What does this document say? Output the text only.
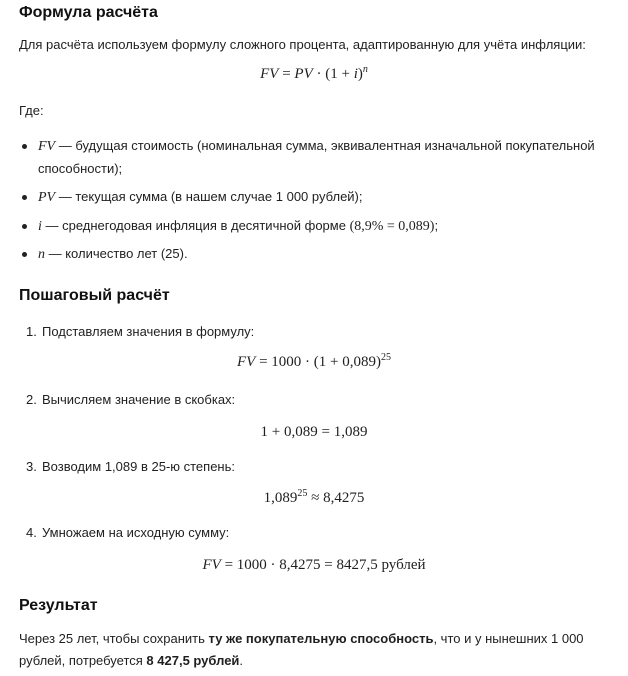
Формула расчёта

Для расчёта используем формулу сложного процента, адаптированную для учёта инфляции:

FV = PV · $(1 + i)^n$

Где:

FV — будущая стоимость (номинальная сумма, эквивалентная изначальной покупательной
способности);

PV — текущая сумма (в нашем случае 1 000 рублей);

i — среднегодовая инфляция в десятичной форме (8,9% = 0,089);

n — количество лет (25).

Пошаговый расчёт

1. Подставляем значения в формулу:

FV = $1000 \cdot (1 + 0,089)^{25}$

2. Вычисляем значение в скобках:

1 + 0,089 = 1,089

3. Возводим 1,089 в 25-ю степень:

$1,089^{25} \approx 8,4275$

4. Умножаем на исходную сумму:

FV = 1000 · 8,4275 = 8427,5 рублей

Результат

Через 25 лет, чтобы сохранить ту же покупательную способность, что и у нынешних 1 000
рублей, потребуется 8 427,5 рублей.
